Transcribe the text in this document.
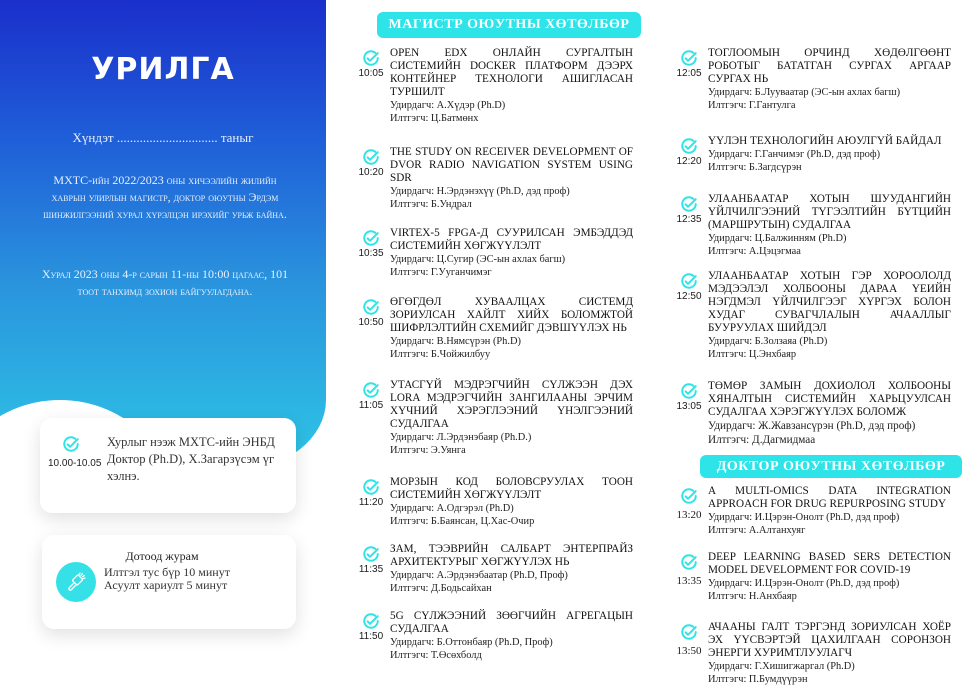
УРИЛГА
Хүндэт ............................... таныг
МХТС-ийн 2022/2023 оны хичээлийн жилийн хаврын улирлын магистр, доктор оюутны Эрдэм шинжилгээний хурал хүрэлцэн ирэхийг урьж байна.
Хурал 2023 оны 4-р сарын 11-ны 10:00 цагаас, 101 тоот танхимд зохион байгуулагдана.
10.00-10.05
Хурлыг нээж МХТС-ийн ЭНБД Доктор (Ph.D), Х.Загарзүсэм үг хэлнэ.
Дотоод журам
Илтгэл тус бүр 10 минут
Асуулт хариулт 5 минут
МАГИСТР ОЮУТНЫ ХӨТӨЛБӨР
ДОКТОР ОЮУТНЫ ХӨТӨЛБӨР
10:05
OPEN EDX ОНЛАЙН СУРГАЛТЫН СИСТЕМИЙН DOCKER ПЛАТФОРМ ДЭЭРХ КОНТЕЙНЕР ТЕХНОЛОГИ АШИГЛАСАН ТУРШИЛТ
Удирдагч: А.Хүдэр (Ph.D)
Илтгэгч: Ц.Батмөнх
10:20
THE STUDY ON RECEIVER DEVELOPMENT OF DVOR RADIO NAVIGATION SYSTEM USING SDR
Удирдагч: Н.Эрдэнэхүү (Ph.D, дэд проф)
Илтгэгч: Б.Ундрал
10:35
VIRTEX-5 FPGA-Д СУУРИЛСАН ЭМБЭДДЭД СИСТЕМИЙН ХӨГЖҮҮЛЭЛТ
Удирдагч: Ц.Сугир (ЭС-ын ахлах багш)
Илтгэгч: Г.Ууганчимэг
10:50
ӨГӨГДӨЛ ХУВААЛЦАХ СИСТЕМД ЗОРИУЛСАН ХАЙЛТ ХИЙХ БОЛОМЖТОЙ ШИФРЛЭЛТИЙН СХЕМИЙГ ДЭВШҮҮЛЭХ НЬ
Удирдагч: В.Нямсүрэн (Ph.D)
Илтгэгч: Б.Чойжилбуу
11:05
УТАСГҮЙ МЭДРЭГЧИЙН СҮЛЖЭЭН ДЭХ LORA МЭДРЭГЧИЙН ЗАНГИЛААНЫ ЭРЧИМ ХҮЧНИЙ ХЭРЭГЛЭЭНИЙ ҮНЭЛГЭЭНИЙ СУДАЛГАА
Удирдагч: Л.Эрдэнэбаяр (Ph.D.)
Илтгэгч: Э.Уянга
11:20
МОРЗЫН КОД БОЛОВСРУУЛАХ ТООН СИСТЕМИЙН ХӨГЖҮҮЛЭЛТ
Удирдагч: А.Одгэрэл (Ph.D)
Илтгэгч: Б.Баянсан, Ц.Хас-Очир
11:35
ЗАМ, ТЭЭВРИЙН САЛБАРТ ЭНТЕРПРАЙЗ АРХИТЕКТУРЫГ ХӨГЖҮҮЛЭХ НЬ
Удирдагч: А.Эрдэнэбаатар (Ph.D, Проф)
Илтгэгч: Д.Бодьсайхан
11:50
5G СҮЛЖЭЭНИЙ ЗӨӨГЧИЙН АГРЕГАЦЫН СУДАЛГАА
Удирдагч: Б.Оттонбаяр (Ph.D, Проф)
Илтгэгч: Т.Өсөхболд
12:05
ТОГЛООМЫН ОРЧИНД ХӨДӨЛГӨӨНТ РОБОТЫГ БАТАТГАН СУРГАХ АРГААР СУРГАХ НЬ
Удирдагч: Б.Лууваатар (ЭС-ын ахлах багш)
Илтгэгч: Г.Гантулга
12:20
ҮҮЛЭН ТЕХНОЛОГИЙН АЮУЛГҮЙ БАЙДАЛ
Удирдагч: Г.Ганчимэг (Ph.D, дэд проф)
Илтгэгч: Б.Загдсүрэн
12:35
УЛААНБААТАР ХОТЫН ШУУДАНГИЙН ҮЙЛЧИЛГЭЭНИЙ ТҮГЭЭЛТИЙН БҮТЦИЙН (МАРШРУТЫН) СУДАЛГАА
Удирдагч: Ц.Балжинням (Ph.D)
Илтгэгч: А.Цэцэгмаа
12:50
УЛААНБААТАР ХОТЫН ГЭР ХОРООЛОЛД МЭДЭЭЛЭЛ ХОЛБООНЫ ДАРАА ҮЕИЙН НЭГДМЭЛ ҮЙЛЧИЛГЭЭГ ХҮРГЭХ БОЛОН ХУДАГ СУВАГЧЛАЛЫН АЧААЛЛЫГ БУУРУУЛАХ ШИЙДЭЛ
Удирдагч: Б.Золзаяа (Ph.D)
Илтгэгч: Ц.Энхбаяр
13:05
ТӨМӨР ЗАМЫН ДОХИОЛОЛ ХОЛБООНЫ ХЯНАЛТЫН СИСТЕМИЙН ХАРЬЦУУЛСАН СУДАЛГАА ХЭРЭГЖҮҮЛЭХ БОЛОМЖ
Удирдагч: Ж.Жавзансүрэн (Ph.D, дэд проф)
Илтгэгч: Д.Дагмидмаа
13:20
A MULTI-OMICS DATA INTEGRATION APPROACH FOR DRUG REPURPOSING STUDY
Удирдагч: И.Цэрэн-Онолт (Ph.D, дэд проф)
Илтгэгч: А.Алтанхуяг
13:35
DEEP LEARNING BASED SERS DETECTION MODEL DEVELOPMENT FOR COVID-19
Удирдагч: И.Цэрэн-Онолт (Ph.D, дэд проф)
Илтгэгч: Н.Анхбаяр
13:50
АЧААНЫ ГАЛТ ТЭРГЭНД ЗОРИУЛСАН ХОЁР ЭХ ҮҮСВЭРТЭЙ ЦАХИЛГААН СОРОНЗОН ЭНЕРГИ ХУРИМТЛУУЛАГЧ
Удирдагч: Г.Хишигжаргал (Ph.D)
Илтгэгч: П.Бумдүүрэн
